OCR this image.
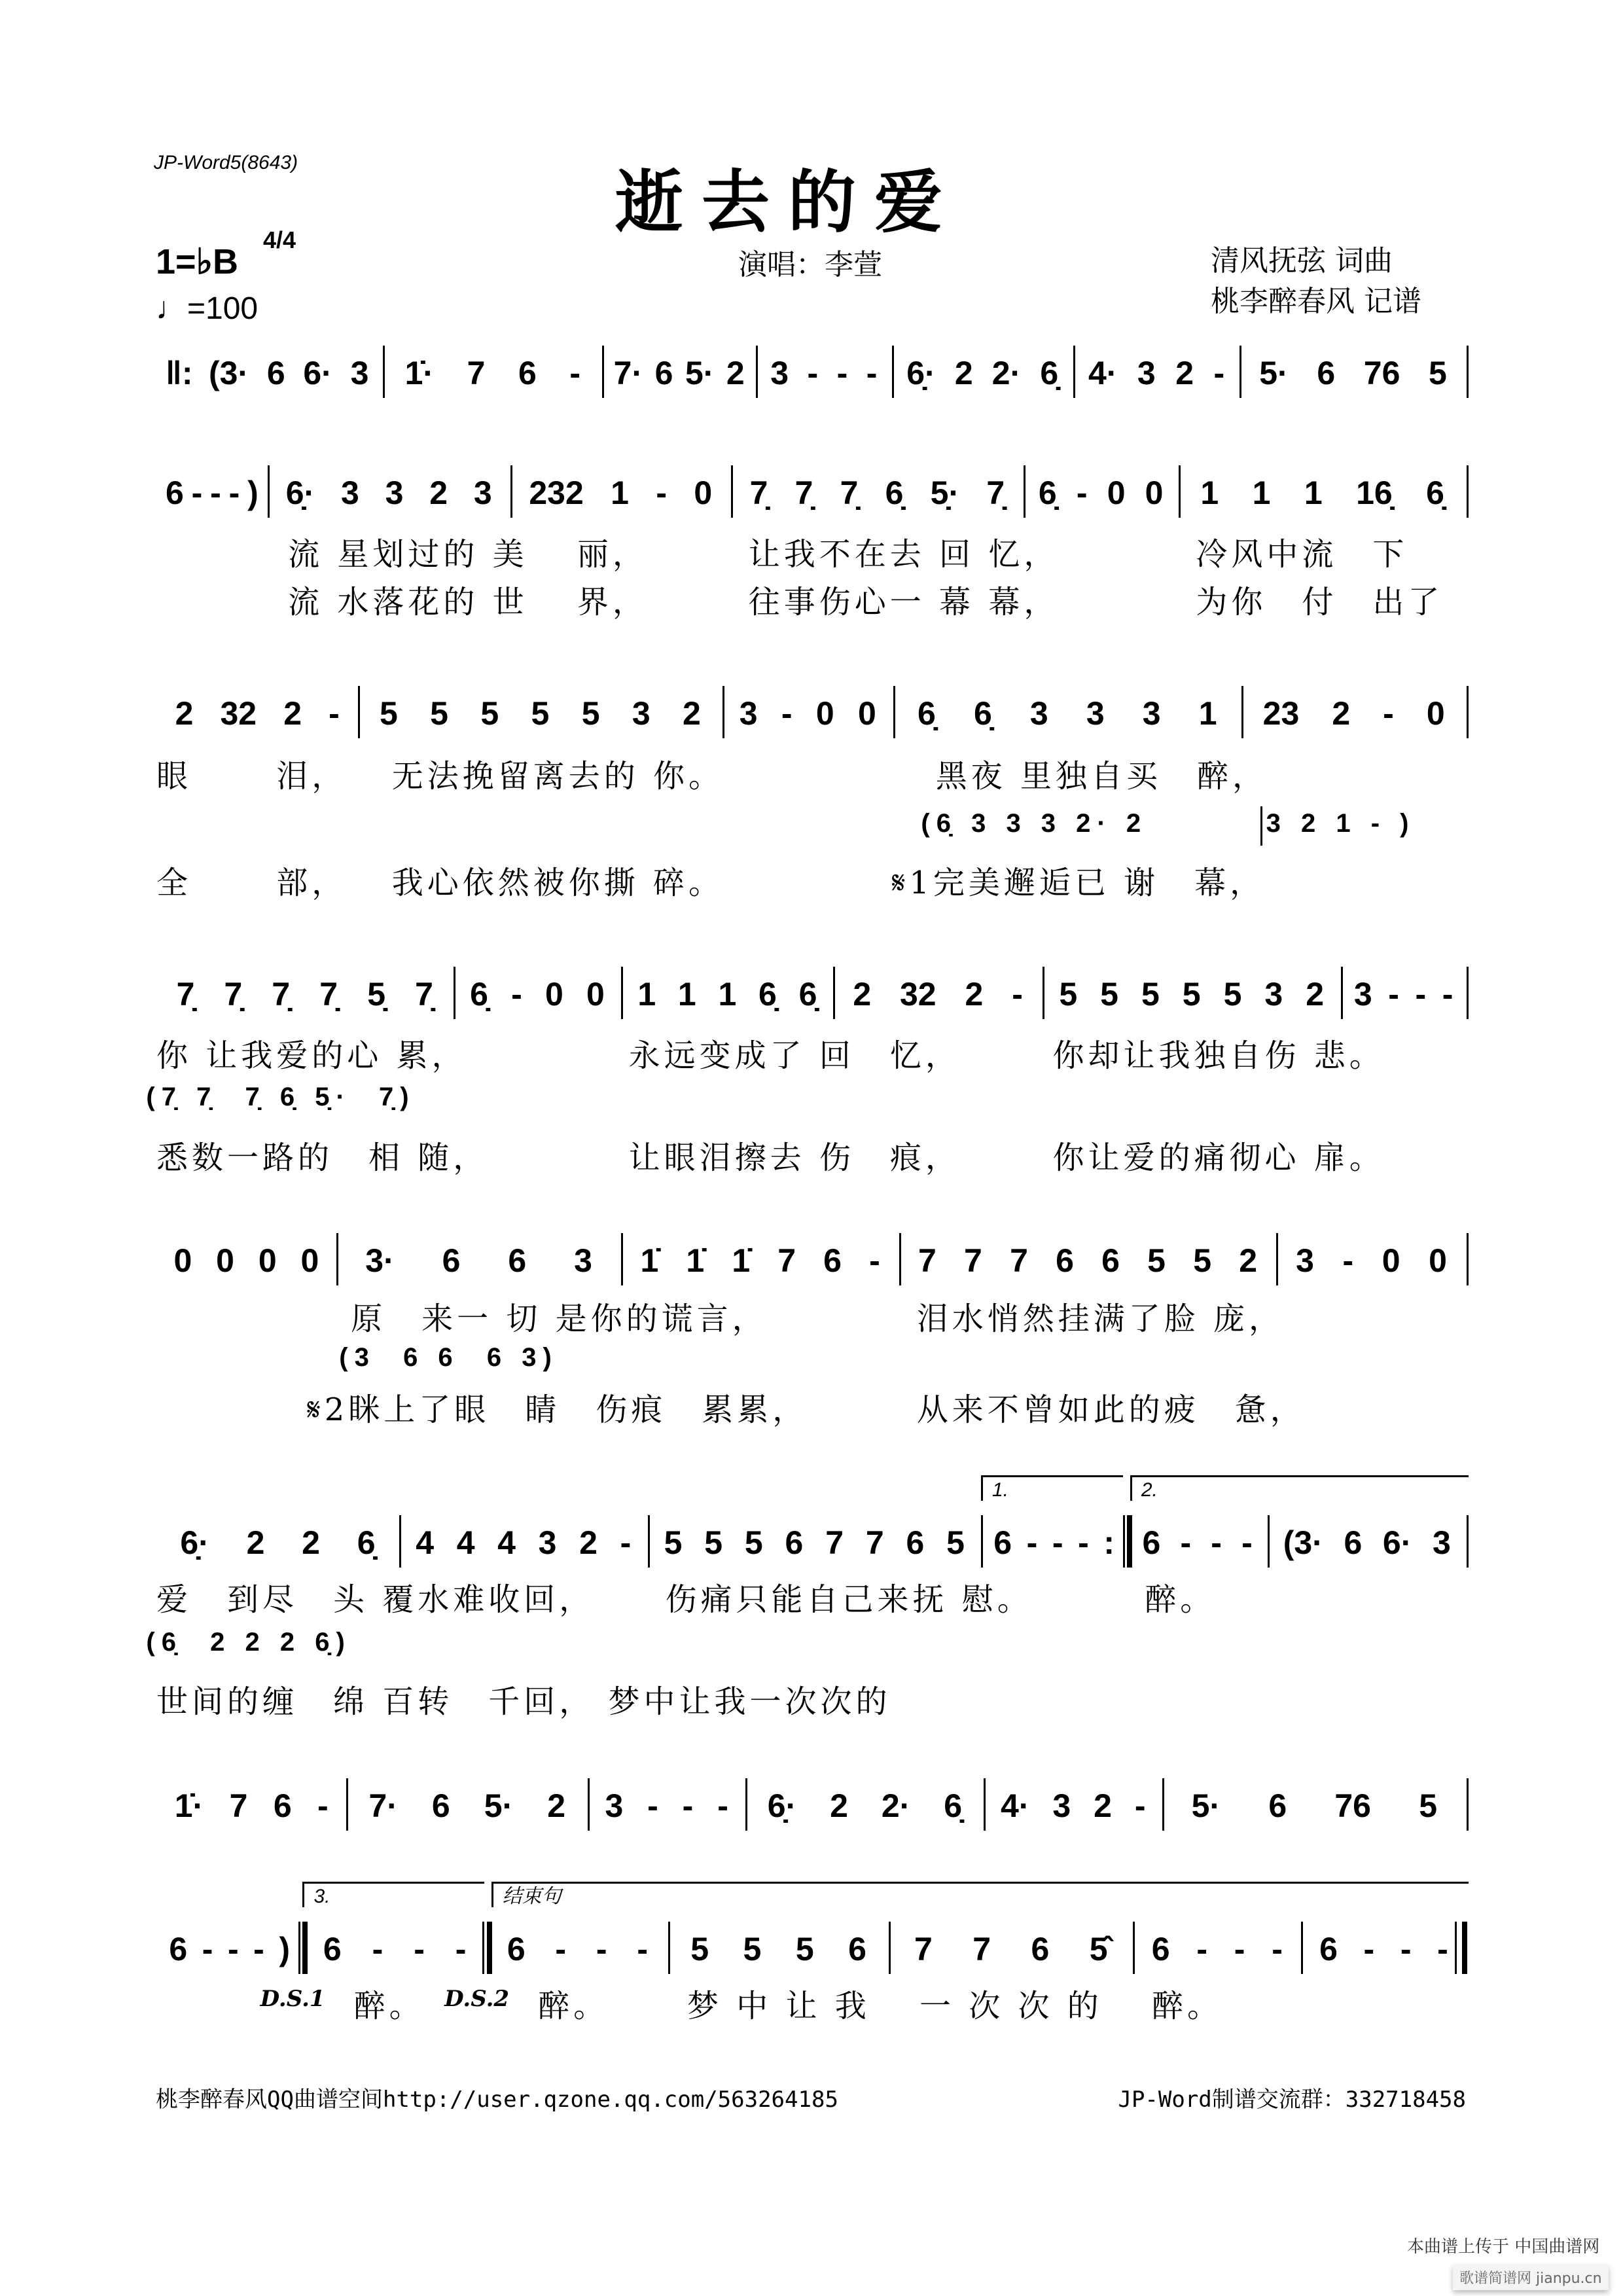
JP-Word5(8643)	逝去的爱
1=♭B
4/4
♩=100
演唱：李萱	清风抚弦 词曲
桃李醉春风 记谱
(3· 6 6· 3 1̇· 7 6 - 7· 6 5· 2 3 - - - 6̣· 2 2· 6̣ 4· 3 2 - 5· 6 76 5
‖:
6 - - - ) 6̣· 3 3 2 3 232 1 - 0 7̣ 7̣ 7̣ 6̣ 5̣· 7̣ 6̣ - 0 0 1 1 1 16̣ 6̣
流 星划过的 美　 丽，	让我不在去 回 忆，	冷风中流　下
流 水落花的 世　 界，	往事伤心一 幕 幕，	为你　付　出了
2 32 2 - 5 5 5 5 5 3 2 3 - 0 0 6̣ 6̣ 3 3 3 1 23 2 - 0
眼　　 泪， 无法挽留离去的 你。	黑夜 里独自买　醉，
全　　 部， 我心依然被你撕 碎。	𝄋1完美邂逅已 谢　幕，
(6̣ 3 3 3 2· 2	3 2 1 - )
7̣ 7̣ 7̣ 7̣ 5̣ 7̣ 6̣ - 0 0 1 1 1 6̣ 6̣ 2 32 2 - 5 5 5 5 5 3 2 3 - - -
你 让我爱的心 累，	永远变成了 回　忆，	你却让我独自伤 悲。
悉数一路的　相 随，	让眼泪擦去 伤　痕，	你让爱的痛彻心 扉。
(7̣ 7̣  7̣ 6̣ 5̣·  7̣)
0 0 0 0 3· 6 6 3 1̇ 1̇ 1̇ 7 6 - 7 7 7 6 6 5 5 2 3 - 0 0
原　来一 切 是你的谎言，	泪水悄然挂满了脸 庞，
𝄋2眯上了眼　睛　伤痕　累累，	从来不曾如此的疲　惫，
(3  6 6  6 3)
6̣· 2 2 6̣ 4 4 4 3 2 - 5 5 5 6 7 7 6 5 6 - - - : 6 - - - (3· 6 6· 3
爱　到尽　头 覆水难收回， 伤痛只能自己来抚 慰。	醉。
世间的缠　绵 百转　千回， 梦中让我一次次的
(6̣  2 2 2 6̣)
1.	2.
1̇· 7 6 - 7· 6 5· 2 3 - - - 6̣· 2 2· 6̣ 4· 3 2 - 5· 6 76 5
6 - - - ) 6 - - - 6 - - - 5 5 5 6 7 7 6 5̂ 6 - - - 6 - - -
醉。	醉。 梦 中 让 我 　一 次 次 的 　醉。
3.	结束句
D.S.1	D.S.2
桃李醉春风QQ曲谱空间http://user.qzone.qq.com/563264185	JP-Word制谱交流群：332718458
本曲谱上传于 中国曲谱网
歌谱简谱网 jianpu.cn
